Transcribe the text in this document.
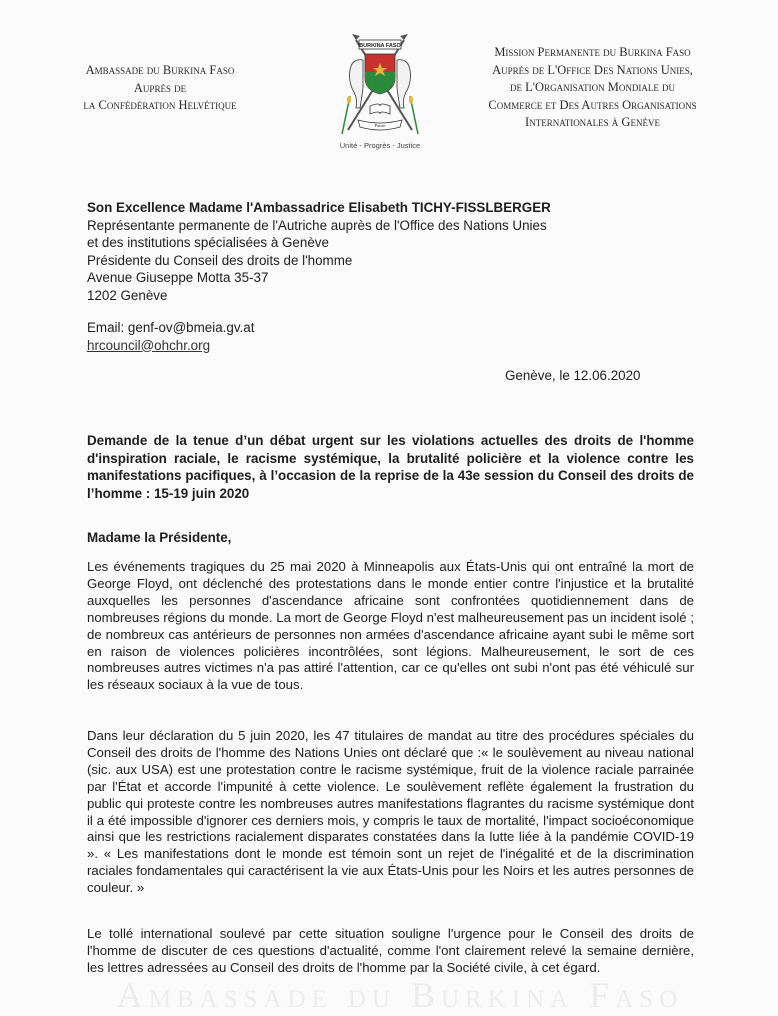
Ambassade du Burkina Faso
Auprès de
la Confédération Helvétique
BURKINA FASO
Patrie
Unité - Progrès - Justice
Mission Permanente du Burkina Faso
Auprès de L'Office Des Nations Unies,
de L'Organisation Mondiale du
Commerce et Des Autres Organisations
Internationales à Genève
Son Excellence Madame l'Ambassadrice Elisabeth TICHY-FISSLBERGER
Représentante permanente de l'Autriche auprès de l'Office des Nations Unies
et des institutions spécialisées à Genève
Présidente du Conseil des droits de l'homme
Avenue Giuseppe Motta 35-37
1202 Genève
Email: genf-ov@bmeia.gv.at
hrcouncil@ohchr.org
Genève, le 12.06.2020
Demande de la tenue d’un débat urgent sur les violations actuelles des droits de l'homme d'inspiration raciale, le racisme systémique, la brutalité policière et la violence contre les manifestations pacifiques, à l’occasion de la reprise de la 43e session du Conseil des droits de l’homme : 15-19 juin 2020
Madame la Présidente,
Les événements tragiques du 25 mai 2020 à Minneapolis aux États-Unis qui ont entraîné la mort de George Floyd, ont déclenché des protestations dans le monde entier contre l'injustice et la brutalité auxquelles les personnes d'ascendance africaine sont confrontées quotidiennement dans de nombreuses régions du monde. La mort de George Floyd n'est malheureusement pas un incident isolé ; de nombreux cas antérieurs de personnes non armées d'ascendance africaine ayant subi le même sort en raison de violences policières incontrôlées, sont légions. Malheureusement, le sort de ces nombreuses autres victimes n'a pas attiré l'attention, car ce qu'elles ont subi n'ont pas été véhiculé sur les réseaux sociaux à la vue de tous.
Dans leur déclaration du 5 juin 2020, les 47 titulaires de mandat au titre des procédures spéciales du Conseil des droits de l'homme des Nations Unies ont déclaré que :« le soulèvement au niveau national (sic. aux USA) est une protestation contre le racisme systémique, fruit de la violence raciale parrainée par l'État et accorde l'impunité à cette violence. Le soulèvement reflète également la frustration du public qui proteste contre les nombreuses autres manifestations flagrantes du racisme systémique dont il a été impossible d'ignorer ces derniers mois, y compris le taux de mortalité, l'impact socioéconomique ainsi que les restrictions racialement disparates constatées dans la lutte liée à la pandémie COVID-19 ». « Les manifestations dont le monde est témoin sont un rejet de l'inégalité et de la discrimination raciales fondamentales qui caractérisent la vie aux États-Unis pour les Noirs et les autres personnes de couleur. »
Le tollé international soulevé par cette situation souligne l'urgence pour le Conseil des droits de l'homme de discuter de ces questions d'actualité, comme l'ont clairement relevé la semaine dernière, les lettres adressées au Conseil des droits de l'homme par la Société civile, à cet égard.
Ambassade du Burkina Faso
